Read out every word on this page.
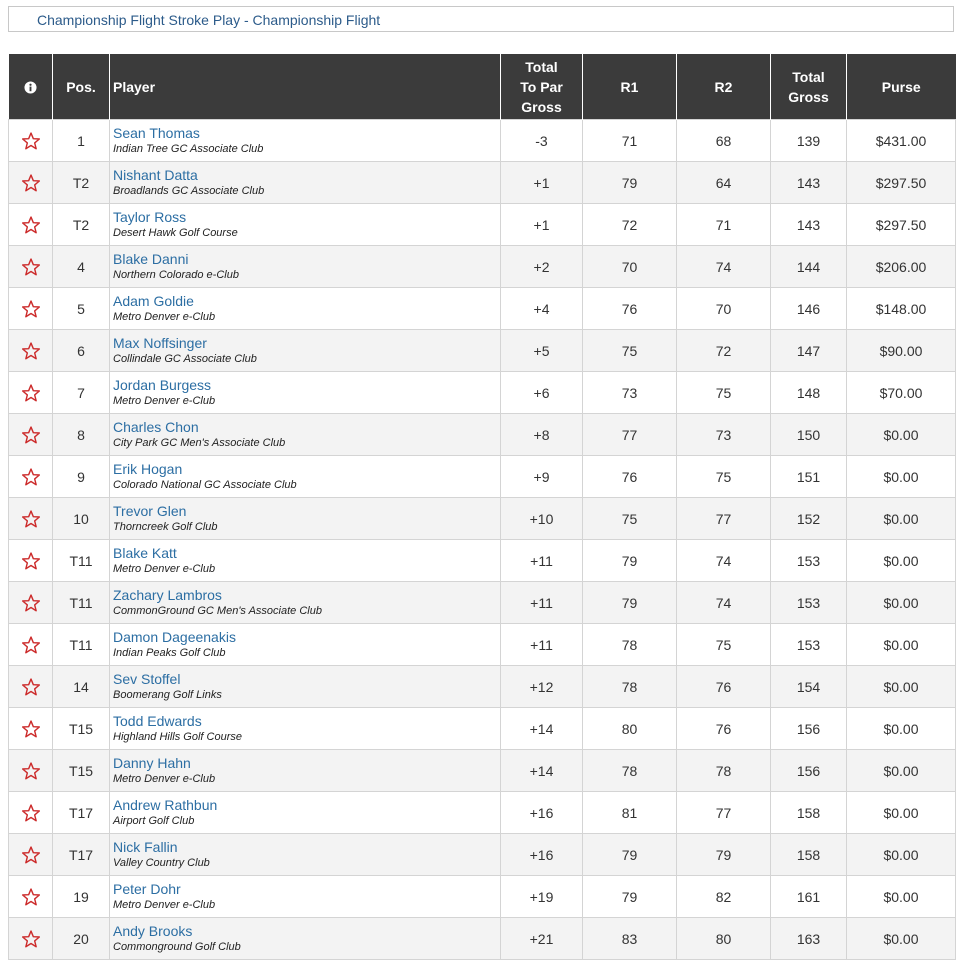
Championship Flight Stroke Play - Championship Flight
	Pos.	Player	Total
To Par
Gross	R1	R2	Total
Gross	Purse
	1	Sean Thomas
Indian Tree GC Associate Club	-3	71	68	139	$431.00
	T2	Nishant Datta
Broadlands GC Associate Club	+1	79	64	143	$297.50
	T2	Taylor Ross
Desert Hawk Golf Course	+1	72	71	143	$297.50
	4	Blake Danni
Northern Colorado e-Club	+2	70	74	144	$206.00
	5	Adam Goldie
Metro Denver e-Club	+4	76	70	146	$148.00
	6	Max Noffsinger
Collindale GC Associate Club	+5	75	72	147	$90.00
	7	Jordan Burgess
Metro Denver e-Club	+6	73	75	148	$70.00
	8	Charles Chon
City Park GC Men's Associate Club	+8	77	73	150	$0.00
	9	Erik Hogan
Colorado National GC Associate Club	+9	76	75	151	$0.00
	10	Trevor Glen
Thorncreek Golf Club	+10	75	77	152	$0.00
	T11	Blake Katt
Metro Denver e-Club	+11	79	74	153	$0.00
	T11	Zachary Lambros
CommonGround GC Men's Associate Club	+11	79	74	153	$0.00
	T11	Damon Dageenakis
Indian Peaks Golf Club	+11	78	75	153	$0.00
	14	Sev Stoffel
Boomerang Golf Links	+12	78	76	154	$0.00
	T15	Todd Edwards
Highland Hills Golf Course	+14	80	76	156	$0.00
	T15	Danny Hahn
Metro Denver e-Club	+14	78	78	156	$0.00
	T17	Andrew Rathbun
Airport Golf Club	+16	81	77	158	$0.00
	T17	Nick Fallin
Valley Country Club	+16	79	79	158	$0.00
	19	Peter Dohr
Metro Denver e-Club	+19	79	82	161	$0.00
	20	Andy Brooks
Commonground Golf Club	+21	83	80	163	$0.00
